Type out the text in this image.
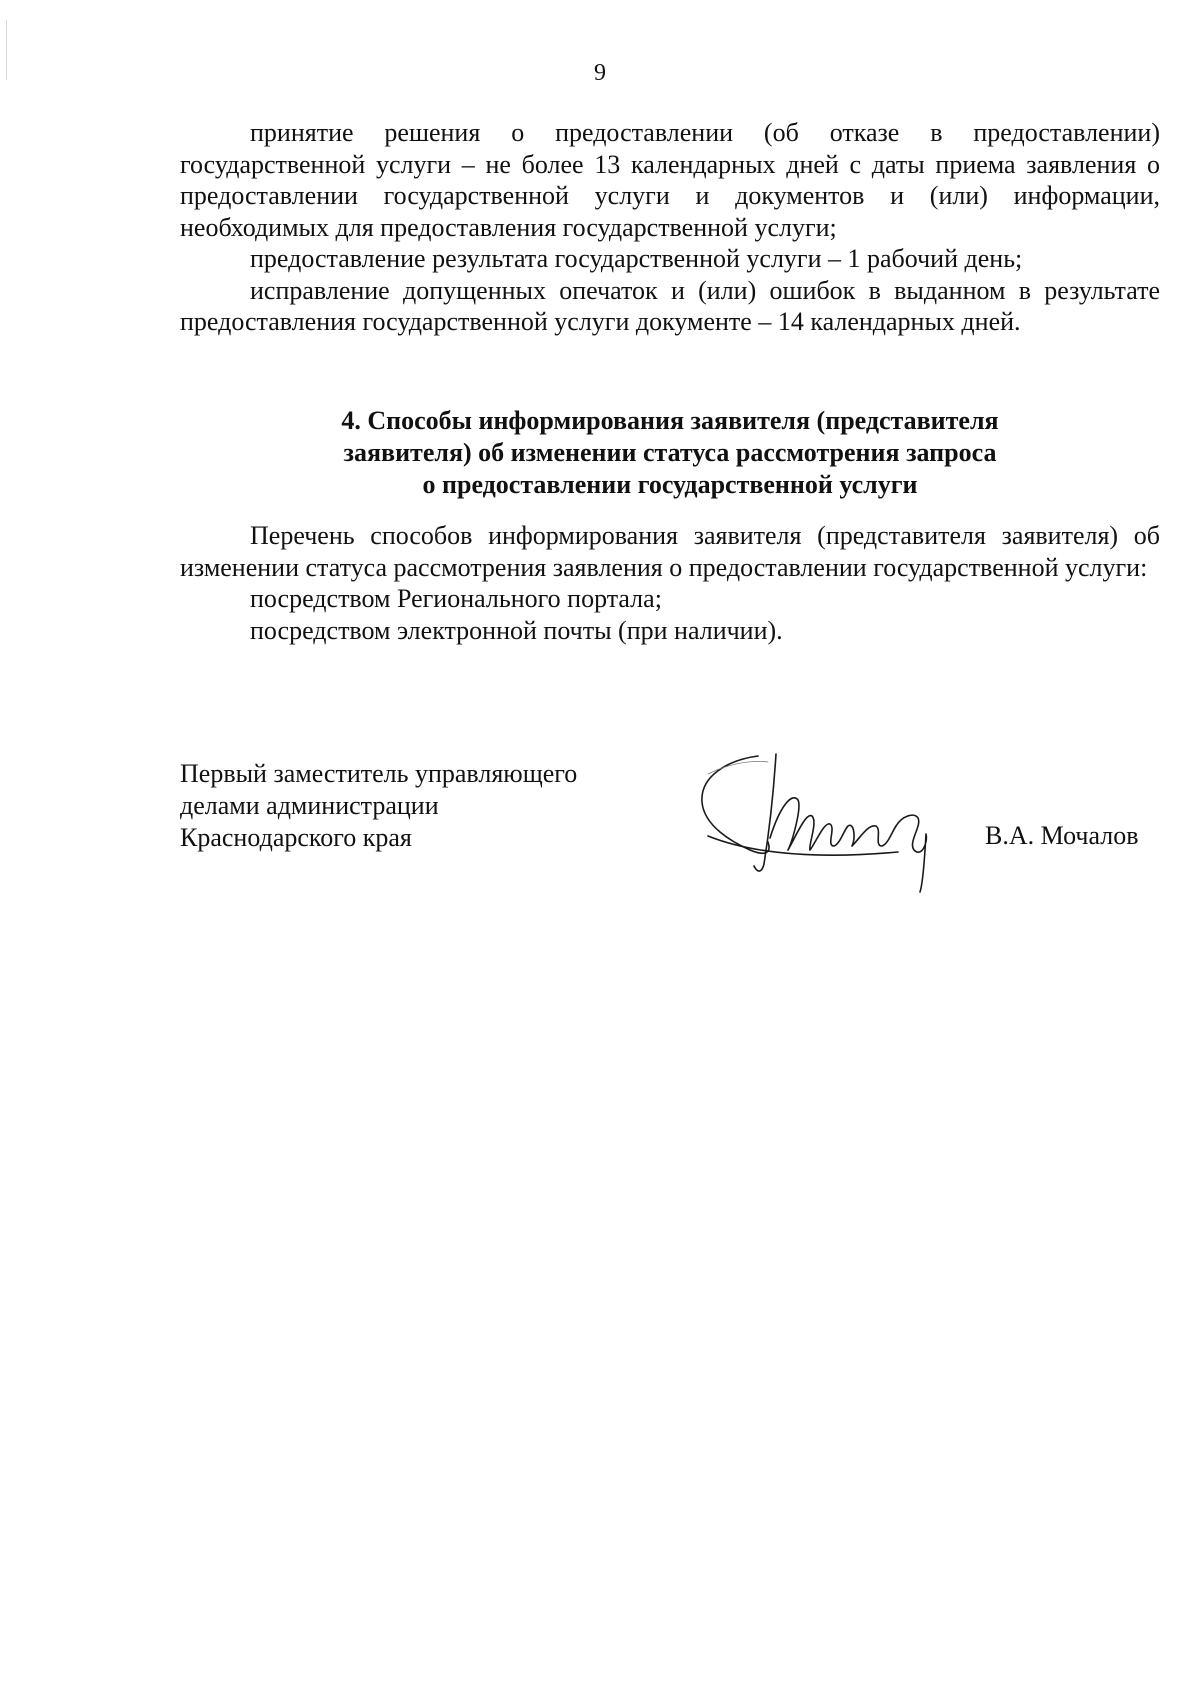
9

принятие решения о предоставлении (об отказе в предоставлении) государственной услуги – не более 13 календарных дней с даты приема заявления о предоставлении государственной услуги и документов и (или) информации, необходимых для предоставления государственной услуги;

предоставление результата государственной услуги – 1 рабочий день;

исправление допущенных опечаток и (или) ошибок в выданном в результате предоставления государственной услуги документе – 14 календарных дней.

4. Способы информирования заявителя (представителя
заявителя) об изменении статуса рассмотрения запроса
о предоставлении государственной услуги

Перечень способов информирования заявителя (представителя заявителя) об изменении статуса рассмотрения заявления о предоставлении государственной услуги:

посредством Регионального портала;

посредством электронной почты (при наличии).

Первый заместитель управляющего
делами администрации
Краснодарского края	В.А. Мочалов
